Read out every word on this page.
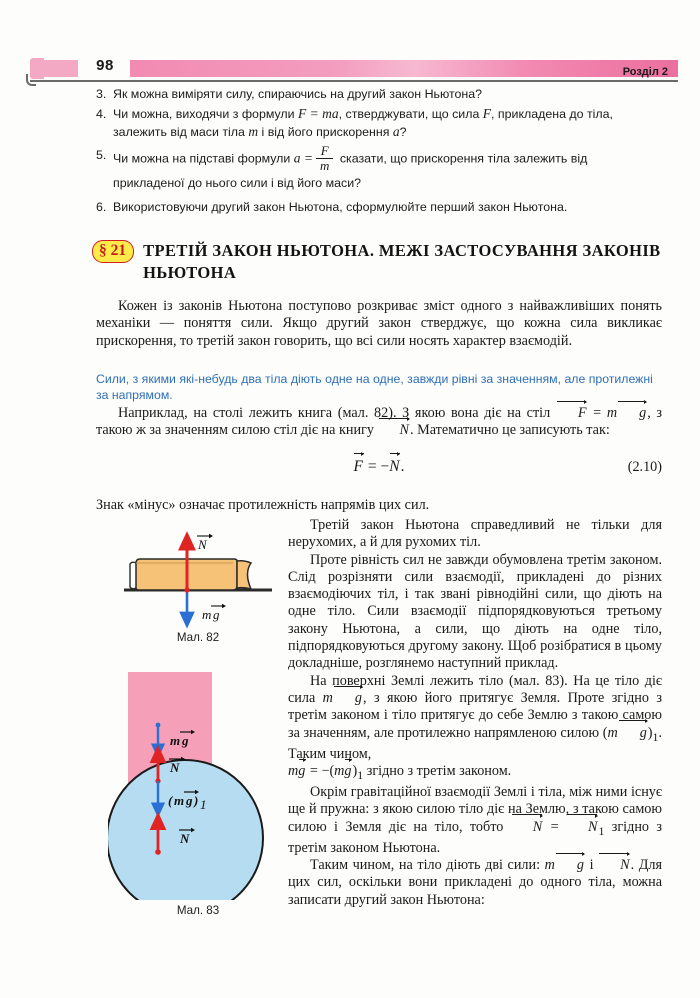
98	Розділ 2
3. Як можна виміряти силу, спираючись на другий закон Ньютона?
4. Чи можна, виходячи з формули F = ma, стверджувати, що сила F, прикладена до тіла, залежить від маси тіла m і від його прискорення a?
5. Чи можна на підставі формули $a = \frac{F}{m}$ сказати, що прискорення тіла залежить від прикладеної до нього сили і від його маси?
6. Використовуючи другий закон Ньютона, сформулюйте перший закон Ньютона.
§ 21	ТРЕТІЙ ЗАКОН НЬЮТОНА. МЕЖІ ЗАСТОСУВАННЯ ЗАКОНІВ НЬЮТОНА

Кожен із законів Ньютона поступово розкриває зміст одного з найважливіших понять механіки — поняття сили. Якщо другий закон стверджує, що кожна сила викликає прискорення, то третій закон говорить, що всі сили носять характер взаємодій.

Сили, з якими які-небудь два тіла діють одне на одне, завжди рівні за значенням, але протилежні за напрямом.

Наприклад, на столі лежить книга (мал. 82). З якою вона діє на стіл F = m g, з такою ж за значенням силою стіл діє на книгу N. Математично це записують так:

F = −N.	(2.10)

Знак «мінус» означає протилежність напрямів цих сил.

Третій закон Ньютона справедливий не тільки для нерухомих, а й для рухомих тіл.

Проте рівність сил не завжди обумовлена третім законом. Слід розрізняти сили взаємодії, прикладені до різних взаємодіючих тіл, і так звані рівнодійні сили, що діють на одне тіло. Сили взаємодії підпорядковуються третьому закону Ньютона, а сили, що діють на одне тіло, підпорядковуються другому закону. Щоб розібратися в цьому докладніше, розглянемо наступний приклад.

На поверхні Землі лежить тіло (мал. 83). На це тіло діє сила m g, з якою його притягує Земля. Проте згідно з третім законом і тіло притягує до себе Землю з такою самою за значенням, але протилежно напрямленою силою (m $g)_1$. Таким чином,

mg = $-(mg)_1$ згідно з третім законом.

Окрім гравітаційної взаємодії Землі і тіла, між ними існує ще й пружна: з якою силою тіло діє на Землю, з такою самою силою і Земля діє на тіло, тобто $N = N_1$ згідно з третім законом Ньютона.

Таким чином, на тіло діють дві сили: m g і N. Для цих сил, оскільки вони прикладені до одного тіла, можна записати другий закон Ньютона:

N
m g
Мал. 82
m g
N
( m g ) 1
N
Мал. 83
